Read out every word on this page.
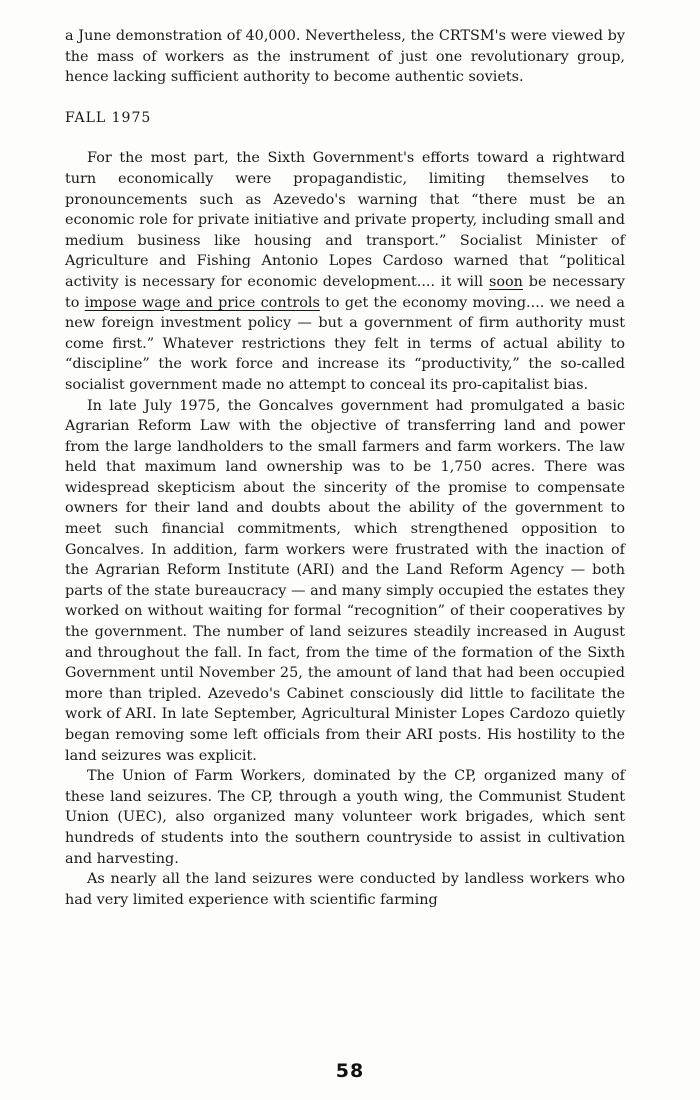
a June demonstration of 40,000. Nevertheless, the CRTSM's were viewed by the mass of workers as the instrument of just one revolutionary group, hence lacking sufficient authority to become authentic soviets.

FALL 1975

For the most part, the Sixth Government's efforts toward a rightward turn economically were propagandistic, limiting themselves to pronouncements such as Azevedo's warning that “there must be an economic role for private initiative and private property, including small and medium business like housing and transport.” Socialist Minister of Agriculture and Fishing Antonio Lopes Cardoso warned that “political activity is necessary for economic development.... it will soon be necessary to impose wage and price controls to get the economy moving.... we need a new foreign investment policy — but a government of firm authority must come first.” Whatever restrictions they felt in terms of actual ability to “discipline” the work force and increase its “productivity,” the so-called socialist government made no attempt to conceal its pro-capitalist bias.

In late July 1975, the Goncalves government had promulgated a basic Agrarian Reform Law with the objective of transferring land and power from the large landholders to the small farmers and farm workers. The law held that maximum land ownership was to be 1,750 acres. There was widespread skepticism about the sincerity of the promise to compensate owners for their land and doubts about the ability of the government to meet such financial commitments, which strengthened opposition to Goncalves. In addition, farm workers were frustrated with the inaction of the Agrarian Reform Institute (ARI) and the Land Reform Agency — both parts of the state bureaucracy — and many simply occupied the estates they worked on without waiting for formal “recognition” of their cooperatives by the government. The number of land seizures steadily increased in August and throughout the fall. In fact, from the time of the formation of the Sixth Government until November 25, the amount of land that had been occupied more than tripled. Azevedo's Cabinet consciously did little to facilitate the work of ARI. In late September, Agricultural Minister Lopes Cardozo quietly began removing some left officials from their ARI posts. His hostility to the land seizures was explicit.

The Union of Farm Workers, dominated by the CP, organized many of these land seizures. The CP, through a youth wing, the Communist Student Union (UEC), also organized many volunteer work brigades, which sent hundreds of students into the southern countryside to assist in cultivation and harvesting.

As nearly all the land seizures were conducted by landless workers who had very limited experience with scientific farming

58
